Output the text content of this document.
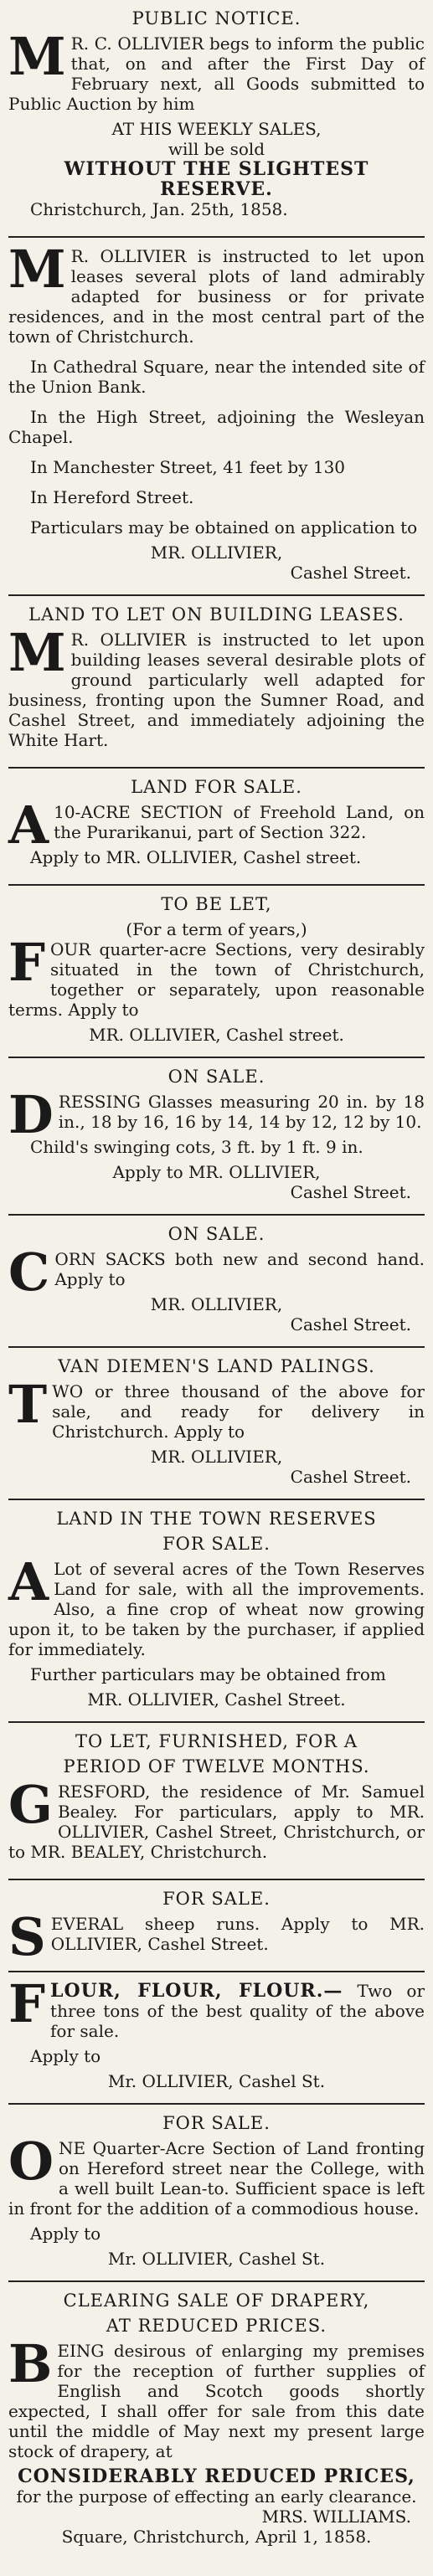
PUBLIC NOTICE.
M R. C. OLLIVIER begs to inform the public that, on and after the First Day of February next, all Goods submitted to Public Auction by him
AT HIS WEEKLY SALES,
will be sold
WITHOUT THE SLIGHTEST RESERVE.
Christchurch, Jan. 25th, 1858.
M R. OLLIVIER is instructed to let upon leases several plots of land admirably adapted for business or for private residences, and in the most central part of the town of Christchurch.
In Cathedral Square, near the intended site of the Union Bank.
In the High Street, adjoining the Wesleyan Chapel.
In Manchester Street, 41 feet by 130
In Hereford Street.
Particulars may be obtained on application to
MR. OLLIVIER,
Cashel Street.
LAND TO LET ON BUILDING LEASES.
M R. OLLIVIER is instructed to let upon building leases several desirable plots of ground particularly well adapted for business, fronting upon the Sumner Road, and Cashel Street, and immediately adjoining the White Hart.
LAND FOR SALE.
A 10-ACRE SECTION of Freehold Land, on the Purarikanui, part of Section 322.
Apply to MR. OLLIVIER, Cashel street.
TO BE LET,
(For a term of years,)
F OUR quarter-acre Sections, very desirably situated in the town of Christchurch, together or separately, upon reasonable terms. Apply to
MR. OLLIVIER, Cashel street.
ON SALE.
D RESSING Glasses measuring 20 in. by 18 in., 18 by 16, 16 by 14, 14 by 12, 12 by 10.
Child's swinging cots, 3 ft. by 1 ft. 9 in.
Apply to MR. OLLIVIER,
Cashel Street.
ON SALE.
C ORN SACKS both new and second hand. Apply to
MR. OLLIVIER,
Cashel Street.
VAN DIEMEN'S LAND PALINGS.
T WO or three thousand of the above for sale, and ready for delivery in Christchurch. Apply to
MR. OLLIVIER,
Cashel Street.
LAND IN THE TOWN RESERVES
FOR SALE.
A Lot of several acres of the Town Reserves Land for sale, with all the improvements. Also, a fine crop of wheat now growing upon it, to be taken by the purchaser, if applied for immediately.
Further particulars may be obtained from
MR. OLLIVIER, Cashel Street.
TO LET, FURNISHED, FOR A
PERIOD OF TWELVE MONTHS.
G RESFORD, the residence of Mr. Samuel Bealey. For particulars, apply to MR. OLLIVIER, Cashel Street, Christchurch, or to MR. BEALEY, Christchurch.
FOR SALE.
S EVERAL sheep runs. Apply to MR. OLLIVIER, Cashel Street.
F LOUR, FLOUR, FLOUR.— Two or three tons of the best quality of the above for sale.
Apply to
Mr. OLLIVIER, Cashel St.
FOR SALE.
O NE Quarter-Acre Section of Land fronting on Hereford street near the College, with a well built Lean-to. Sufficient space is left in front for the addition of a commodious house.
Apply to
Mr. OLLIVIER, Cashel St.
CLEARING SALE OF DRAPERY,
AT REDUCED PRICES.
B EING desirous of enlarging my premises for the reception of further supplies of English and Scotch goods shortly expected, I shall offer for sale from this date until the middle of May next my present large stock of drapery, at
CONSIDERABLY REDUCED PRICES,
for the purpose of effecting an early clearance.
MRS. WILLIAMS.
Square, Christchurch, April 1, 1858.
